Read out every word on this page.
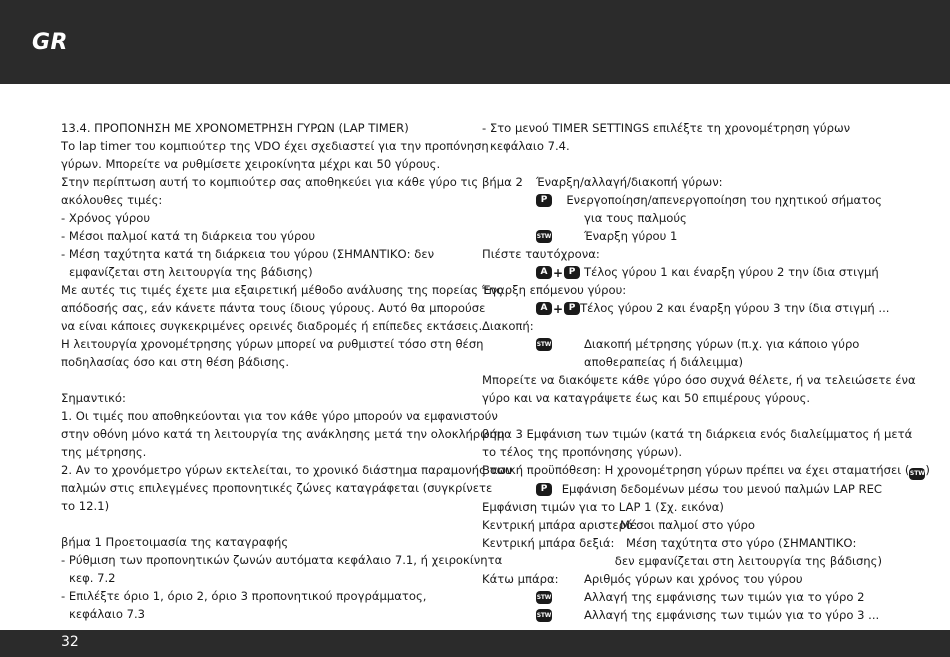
GR

13.4. ΠΡΟΠΟΝΗΣΗ ΜΕ ΧΡΟΝΟΜΕΤΡΗΣΗ ΓΥΡΩΝ (LAP TIMER)

Το lap timer του κομπιούτερ της VDO έχει σχεδιαστεί για την προπόνηση

γύρων. Μπορείτε να ρυθμίσετε χειροκίνητα μέχρι και 50 γύρους.

Στην περίπτωση αυτή το κομπιούτερ σας αποθηκεύει για κάθε γύρο τις

ακόλουθες τιμές:

- Χρόνος γύρου

- Μέσοι παλμοί κατά τη διάρκεια του γύρου

- Μέση ταχύτητα κατά τη διάρκεια του γύρου (ΣΗΜΑΝΤΙΚΟ: δεν

εμφανίζεται στη λειτουργία της βάδισης)

Με αυτές τις τιμές έχετε μια εξαιρετική μέθοδο ανάλυσης της πορείας της

απόδοσής σας, εάν κάνετε πάντα τους ίδιους γύρους. Αυτό θα μπορούσε

να είναι κάποιες συγκεκριμένες ορεινές διαδρομές ή επίπεδες εκτάσεις.

Η λειτουργία χρονομέτρησης γύρων μπορεί να ρυθμιστεί τόσο στη θέση

ποδηλασίας όσο και στη θέση βάδισης.

Σημαντικό:

1. Οι τιμές που αποθηκεύονται για τον κάθε γύρο μπορούν να εμφανιστούν

στην οθόνη μόνο κατά τη λειτουργία της ανάκλησης μετά την ολοκλήρωση

της μέτρησης.

2. Αν το χρονόμετρο γύρων εκτελείται, το χρονικό διάστημα παραμονής των

παλμών στις επιλεγμένες προπονητικές ζώνες καταγράφεται (συγκρίνετε

το 12.1)

βήμα 1 Προετοιμασία της καταγραφής

- Ρύθμιση των προπονητικών ζωνών αυτόματα κεφάλαιο 7.1, ή χειροκίνητα

κεφ. 7.2

- Επιλέξτε όριο 1, όριο 2, όριο 3 προπονητικού προγράμματος,

κεφάλαιο 7.3

- Στο μενού TIMER SETTINGS επιλέξτε τη χρονομέτρηση γύρων

κεφάλαιο 7.4.

βήμα 2	Έναρξη/αλλαγή/διακοπή γύρων:
P	Ενεργοποίηση/απενεργοποίηση του ηχητικού σήματος
για τους παλμούς
STW	Έναρξη γύρου 1

Πιέστε ταυτόχρονα:

A + P Τέλος γύρου 1 και έναρξη γύρου 2 την ίδια στιγμή

Έναρξη επόμενου γύρου:

A + P Τέλος γύρου 2 και έναρξη γύρου 3 την ίδια στιγμή ...

Διακοπή:

STW	Διακοπή μέτρησης γύρων (π.χ. για κάποιο γύρο
αποθεραπείας ή διάλειμμα)

Μπορείτε να διακόψετε κάθε γύρο όσο συχνά θέλετε, ή να τελειώσετε ένα

γύρο και να καταγράψετε έως και 50 επιμέρους γύρους.

βήμα 3 Εμφάνιση των τιμών (κατά τη διάρκεια ενός διαλείμματος ή μετά

το τέλος της προπόνησης γύρων).

Βασική προϋπόθεση: Η χρονομέτρηση γύρων πρέπει να έχει σταματήσει (STW)

P	Εμφάνιση δεδομένων μέσω του μενού παλμών LAP REC

Εμφάνιση τιμών για το LAP 1 (Σχ. εικόνα)

Κεντρική μπάρα αριστερά:
Μέσοι παλμοί στο γύρο
Κεντρική μπάρα δεξιά: Μέση ταχύτητα στο γύρο (ΣΗΜΑΝΤΙΚΟ:
δεν εμφανίζεται στη λειτουργία της βάδισης)
Κάτω μπάρα:	Αριθμός γύρων και χρόνος του γύρου
STW	Αλλαγή της εμφάνισης των τιμών για το γύρο 2
STW	Αλλαγή της εμφάνισης των τιμών για το γύρο 3 ...
32
